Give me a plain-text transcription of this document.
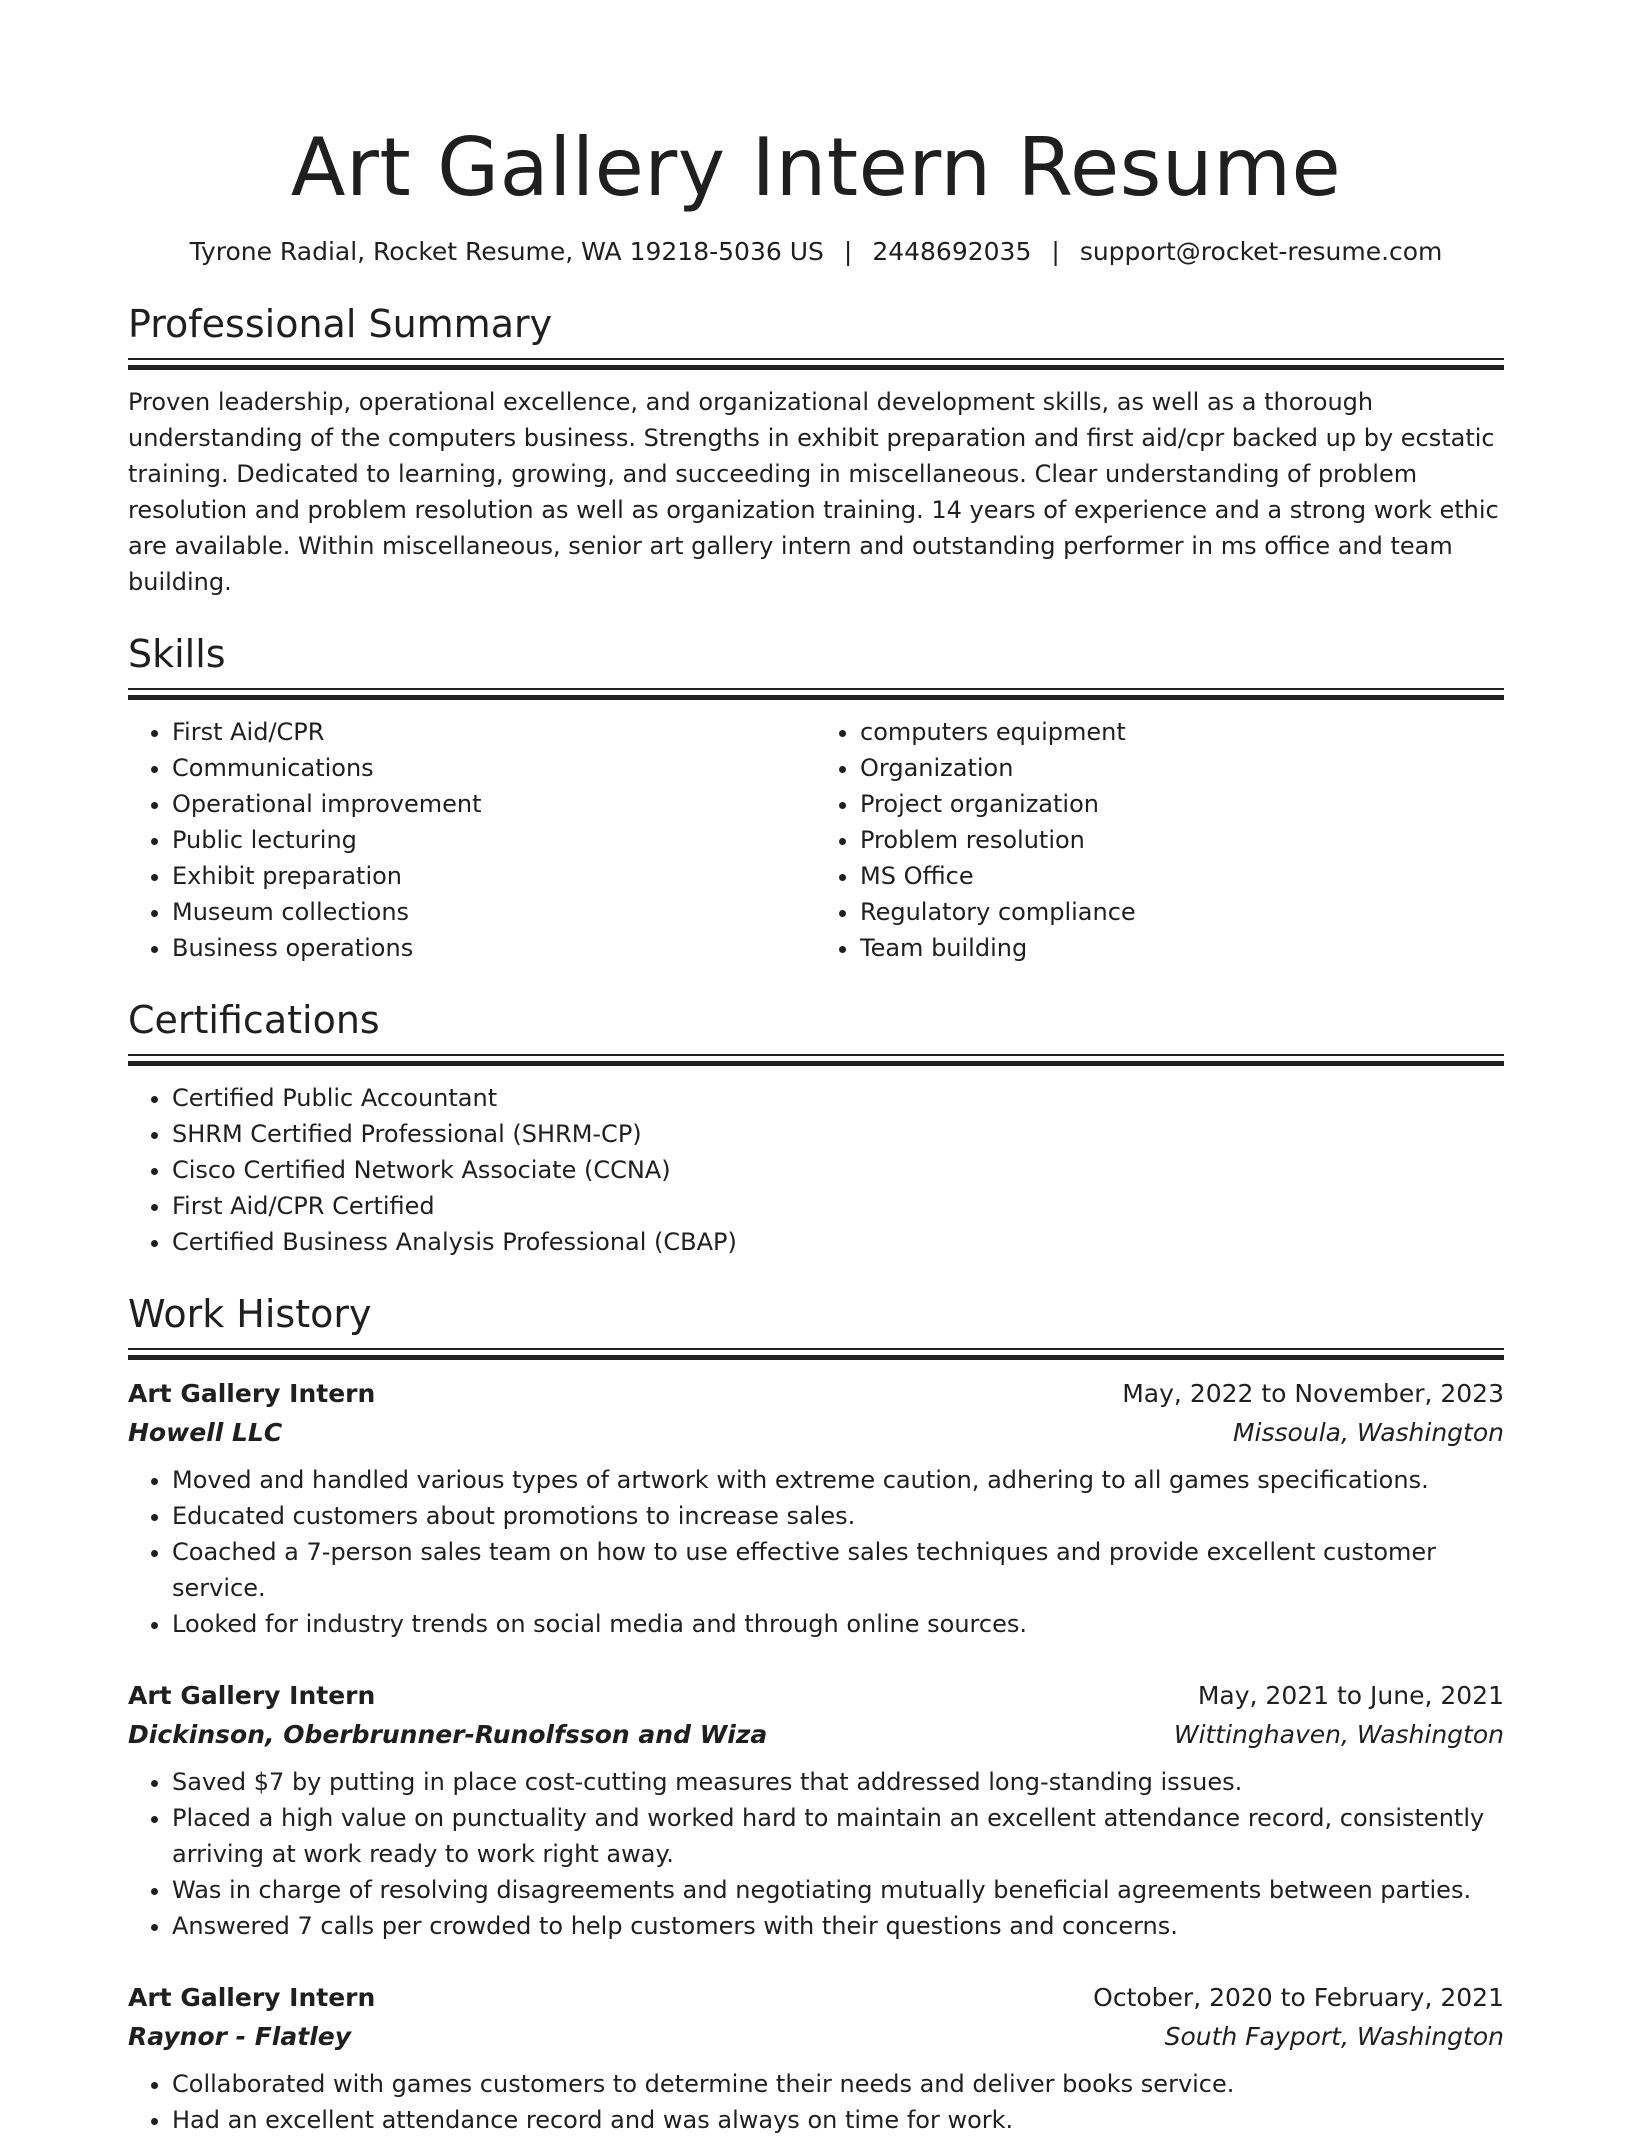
Art Gallery Intern Resume
Tyrone Radial, Rocket Resume, WA 19218-5036 US | 2448692035 | support@rocket-resume.com
Professional Summary

Proven leadership, operational excellence, and organizational development skills, as well as a thorough understanding of the computers business. Strengths in exhibit preparation and first aid/cpr backed up by ecstatic training. Dedicated to learning, growing, and succeeding in miscellaneous. Clear understanding of problem resolution and problem resolution as well as organization training. 14 years of experience and a strong work ethic are available. Within miscellaneous, senior art gallery intern and outstanding performer in ms office and team building.

Skills
• First Aid/CPR
• Communications
• Operational improvement
• Public lecturing
• Exhibit preparation
• Museum collections
• Business operations
• computers equipment
• Organization
• Project organization
• Problem resolution
• MS Office
• Regulatory compliance
• Team building
Certifications
• Certified Public Accountant
• SHRM Certified Professional (SHRM-CP)
• Cisco Certified Network Associate (CCNA)
• First Aid/CPR Certified
• Certified Business Analysis Professional (CBAP)
Work History
Art Gallery Intern	May, 2022 to November, 2023
Howell LLC	Missoula, Washington
• Moved and handled various types of artwork with extreme caution, adhering to all games specifications.
• Educated customers about promotions to increase sales.
• Coached a 7-person sales team on how to use effective sales techniques and provide excellent customer service.
• Looked for industry trends on social media and through online sources.
Art Gallery Intern	May, 2021 to June, 2021
Dickinson, Oberbrunner-Runolfsson and Wiza	Wittinghaven, Washington
• Saved $7 by putting in place cost-cutting measures that addressed long-standing issues.
• Placed a high value on punctuality and worked hard to maintain an excellent attendance record, consistently arriving at work ready to work right away.
• Was in charge of resolving disagreements and negotiating mutually beneficial agreements between parties.
• Answered 7 calls per crowded to help customers with their questions and concerns.
Art Gallery Intern	October, 2020 to February, 2021
Raynor - Flatley	South Fayport, Washington
• Collaborated with games customers to determine their needs and deliver books service.
• Had an excellent attendance record and was always on time for work.
